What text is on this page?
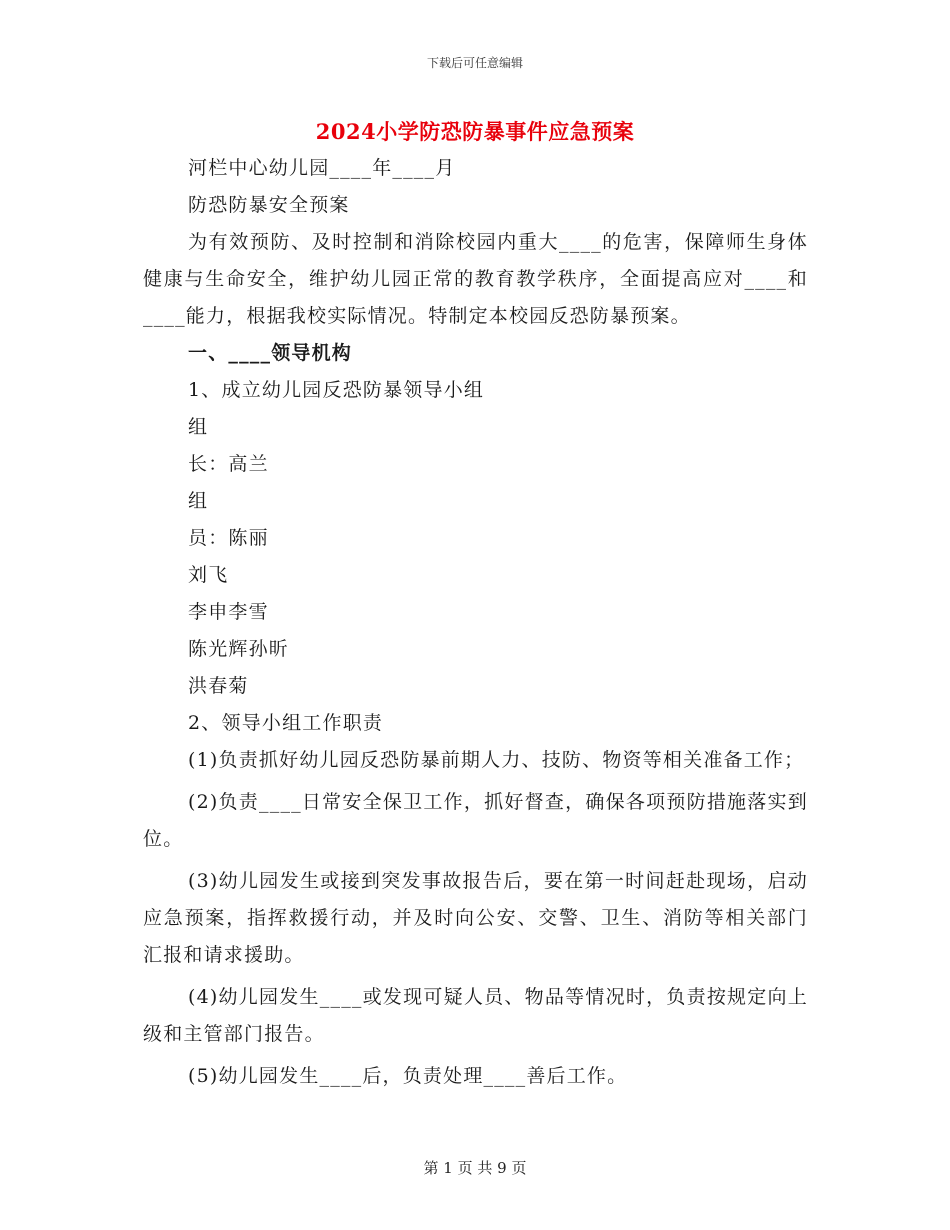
下载后可任意编辑
2024小学防恐防暴事件应急预案
河栏中心幼儿园____年____月
防恐防暴安全预案
为有效预防、及时控制和消除校园内重大____的危害，保障师生身体健康与生命安全，维护幼儿园正常的教育教学秩序，全面提高应对____和____能力，根据我校实际情况。特制定本校园反恐防暴预案。
一、____领导机构
1、成立幼儿园反恐防暴领导小组
组
长：高兰
组
员：陈丽
刘飞
李申李雪
陈光辉孙昕
洪春菊
2、领导小组工作职责
(1)负责抓好幼儿园反恐防暴前期人力、技防、物资等相关准备工作；
(2)负责____日常安全保卫工作，抓好督查，确保各项预防措施落实到位。
(3)幼儿园发生或接到突发事故报告后，要在第一时间赶赴现场，启动应急预案，指挥救援行动，并及时向公安、交警、卫生、消防等相关部门汇报和请求援助。
(4)幼儿园发生____或发现可疑人员、物品等情况时，负责按规定向上级和主管部门报告。
(5)幼儿园发生____后，负责处理____善后工作。
第 1 页 共 9 页
